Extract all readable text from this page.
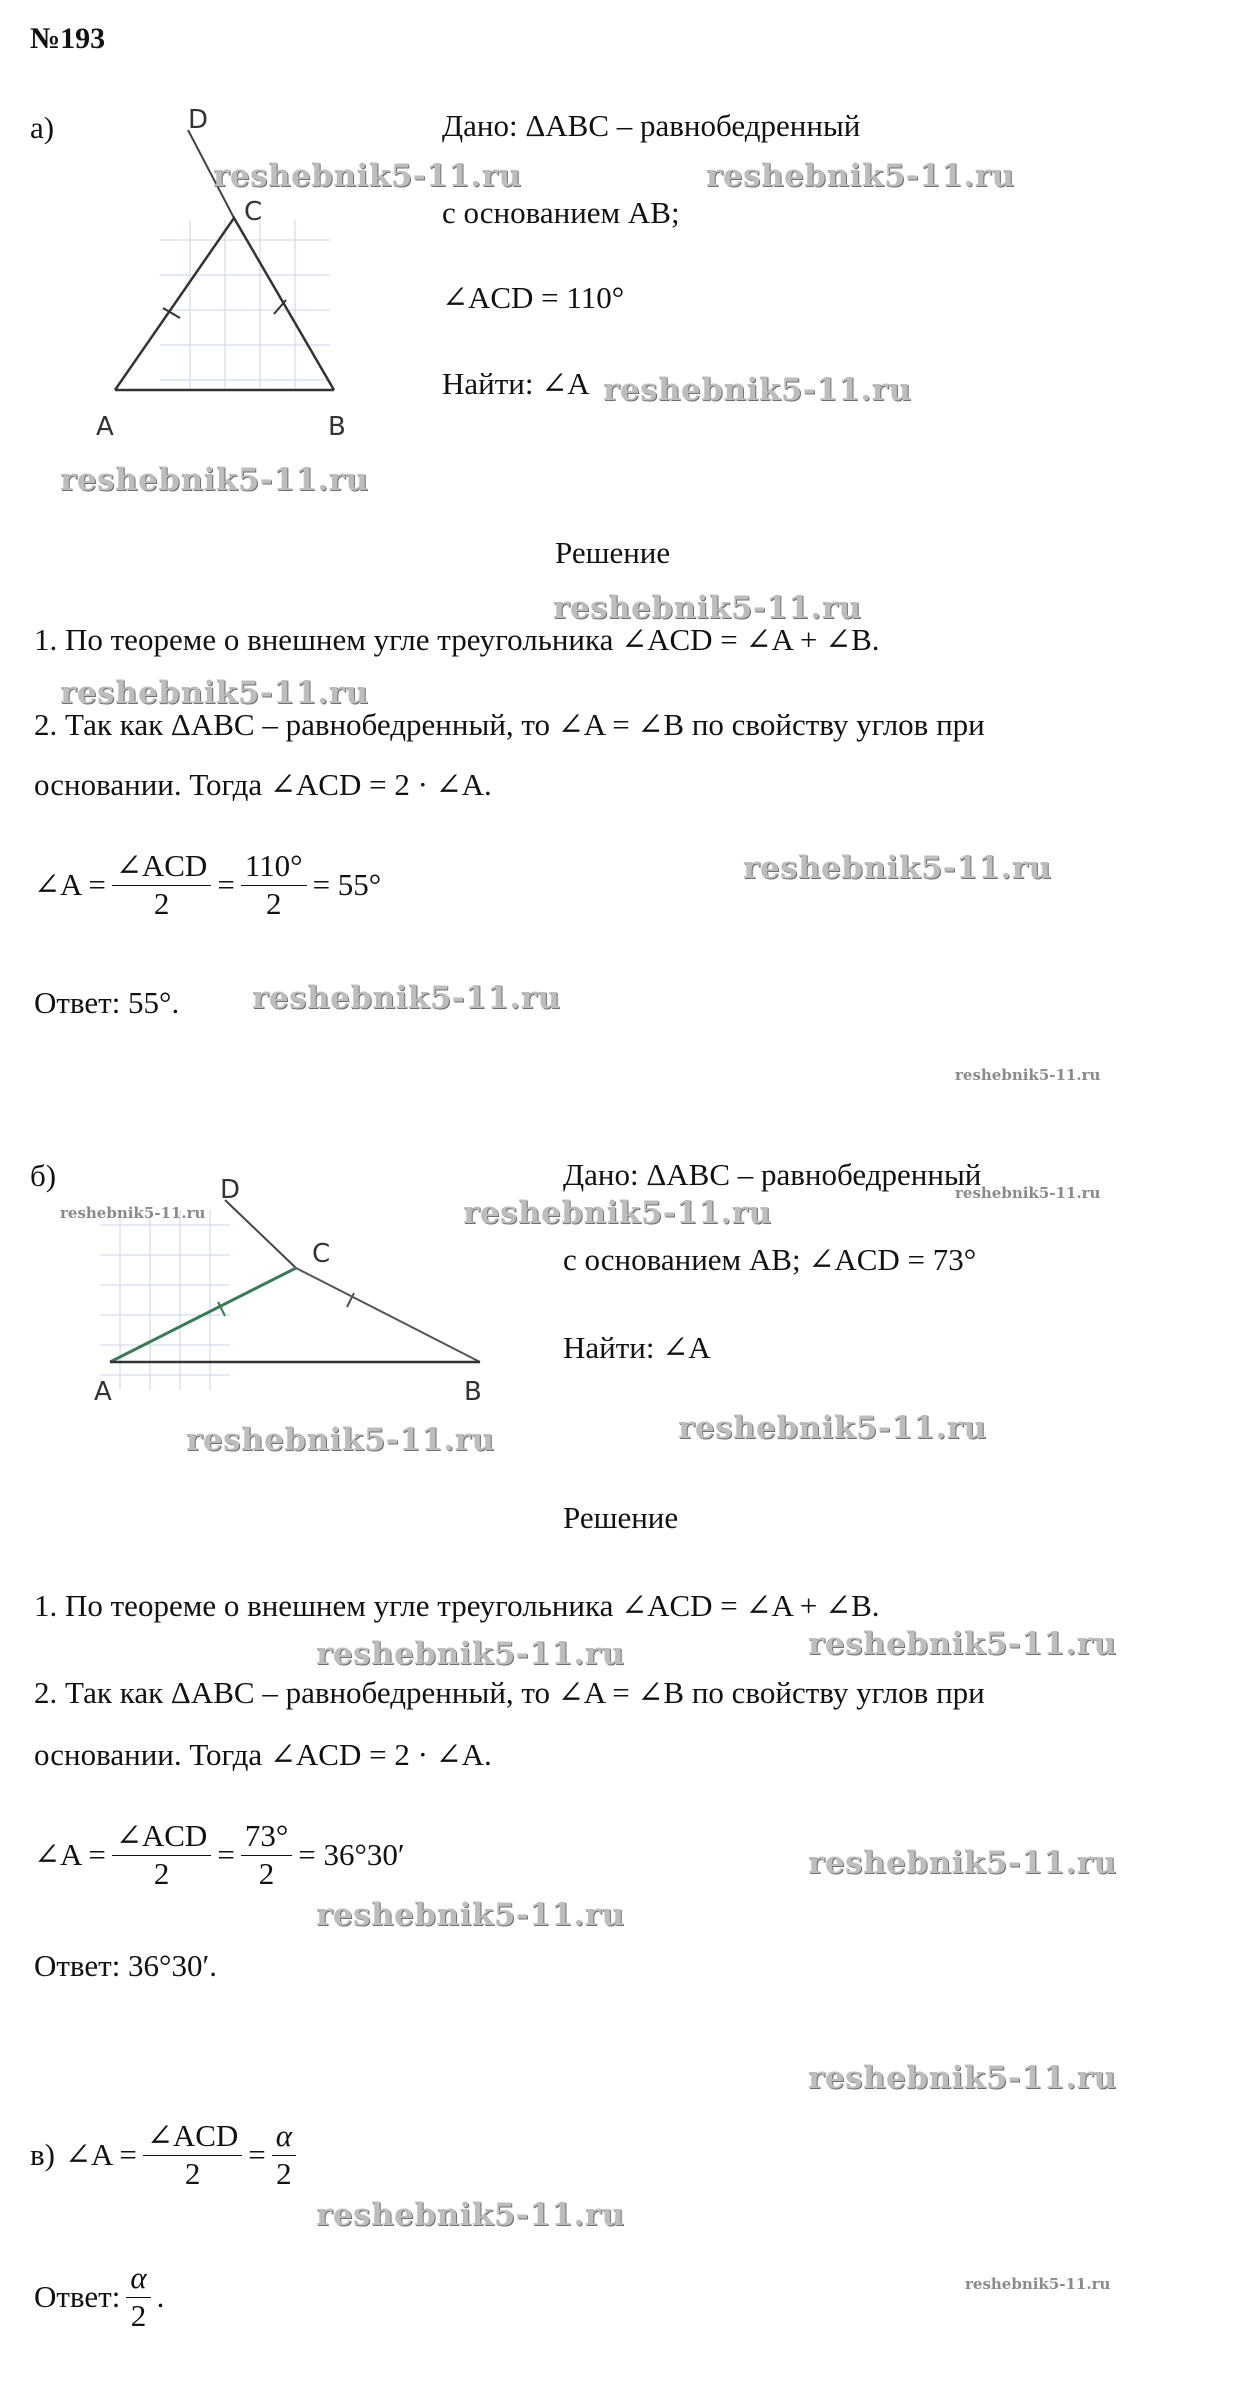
№193
а)	D
C
A	B
Дано: ΔABC – равнобедренный
с основанием AB;
∠ACD = 110°
Найти: ∠A
Решение
1. По теореме о внешнем угле треугольника ∠ACD = ∠A + ∠B.
2. Так как ΔABC – равнобедренный, то ∠A = ∠B по свойству углов при
основании. Тогда ∠ACD = 2 · ∠A.
∠A = $\frac{\text{∠ACD}}{2} = \frac{110^\circ}{2} = 55^\circ$
Ответ: 55°.
б)	D
C
A	B
Дано: ΔABC – равнобедренный
с основанием AB; ∠ACD = 73°
Найти: ∠A
Решение
1. По теореме о внешнем угле треугольника ∠ACD = ∠A + ∠B.
2. Так как ΔABC – равнобедренный, то ∠A = ∠B по свойству углов при
основании. Тогда ∠ACD = 2 · ∠A.
∠A = $\frac{\text{∠ACD}}{2} = \frac{73^\circ}{2} = 36^\circ 30'$
Ответ: 36°30′.
в) ∠A = $\frac{\text{∠ACD}}{2} = \frac{\alpha}{2}$
Ответ: $\frac{\alpha}{2}$ .
reshebnik5-11.ru	reshebnik5-11.ru
reshebnik5-11.ru
reshebnik5-11.ru
reshebnik5-11.ru
reshebnik5-11.ru
reshebnik5-11.ru
reshebnik5-11.ru
reshebnik5-11.ru
reshebnik5-11.ru
reshebnik5-11.ru
reshebnik5-11.ru
reshebnik5-11.ru	reshebnik5-11.ru
reshebnik5-11.ru
reshebnik5-11.ru
reshebnik5-11.ru
reshebnik5-11.ru
reshebnik5-11.ru
reshebnik5-11.ru
reshebnik5-11.ru
